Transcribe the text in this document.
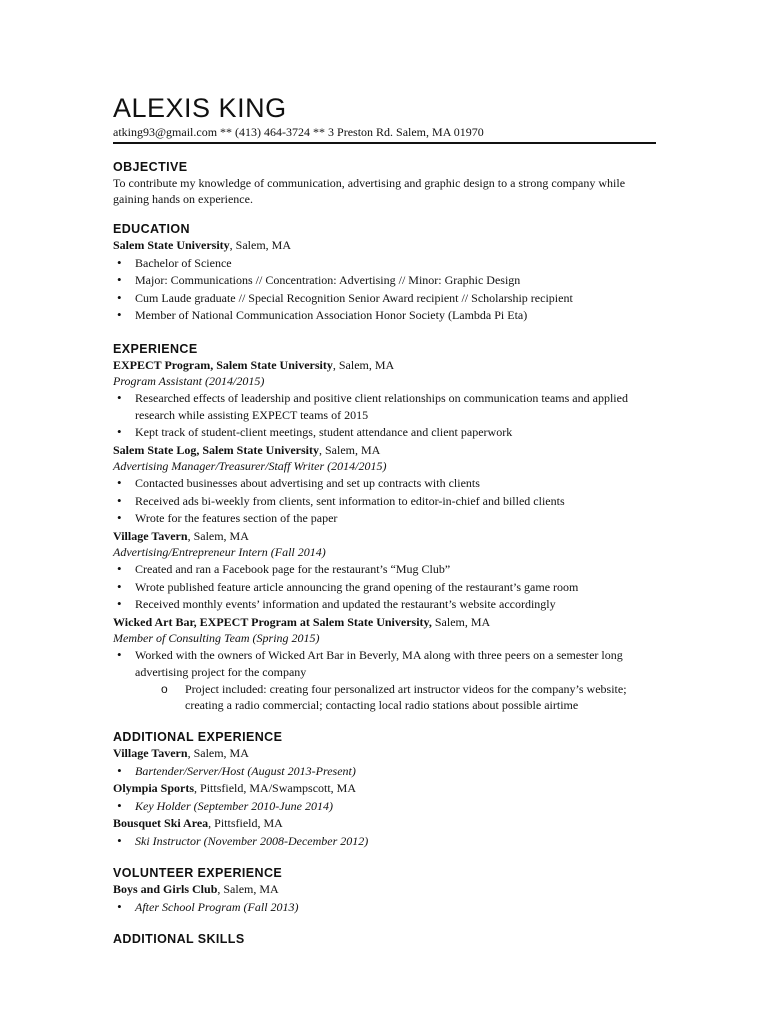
ALEXIS KING
atking93@gmail.com ** (413) 464-3724 ** 3 Preston Rd. Salem, MA 01970
OBJECTIVE

To contribute my knowledge of communication, advertising and graphic design to a strong company while gaining hands on experience.

EDUCATION
Salem State University, Salem, MA
• Bachelor of Science
• Major: Communications // Concentration: Advertising // Minor: Graphic Design
• Cum Laude graduate // Special Recognition Senior Award recipient // Scholarship recipient
• Member of National Communication Association Honor Society (Lambda Pi Eta)
EXPERIENCE
EXPECT Program, Salem State University, Salem, MA
Program Assistant (2014/2015)
• Researched effects of leadership and positive client relationships on communication teams and applied research while assisting EXPECT teams of 2015
• Kept track of student-client meetings, student attendance and client paperwork
Salem State Log, Salem State University, Salem, MA
Advertising Manager/Treasurer/Staff Writer (2014/2015)
• Contacted businesses about advertising and set up contracts with clients
• Received ads bi-weekly from clients, sent information to editor-in-chief and billed clients
• Wrote for the features section of the paper
Village Tavern, Salem, MA
Advertising/Entrepreneur Intern (Fall 2014)
• Created and ran a Facebook page for the restaurant’s “Mug Club”
• Wrote published feature article announcing the grand opening of the restaurant’s game room
• Received monthly events’ information and updated the restaurant’s website accordingly
Wicked Art Bar, EXPECT Program at Salem State University, Salem, MA
Member of Consulting Team (Spring 2015)
• Worked with the owners of Wicked Art Bar in Beverly, MA along with three peers on a semester long advertising project for the company
o Project included: creating four personalized art instructor videos for the company’s website; creating a radio commercial; contacting local radio stations about possible airtime
ADDITIONAL EXPERIENCE
Village Tavern, Salem, MA
• Bartender/Server/Host (August 2013-Present)
Olympia Sports, Pittsfield, MA/Swampscott, MA
• Key Holder (September 2010-June 2014)
Bousquet Ski Area, Pittsfield, MA
• Ski Instructor (November 2008-December 2012)
VOLUNTEER EXPERIENCE
Boys and Girls Club, Salem, MA
• After School Program (Fall 2013)
ADDITIONAL SKILLS
